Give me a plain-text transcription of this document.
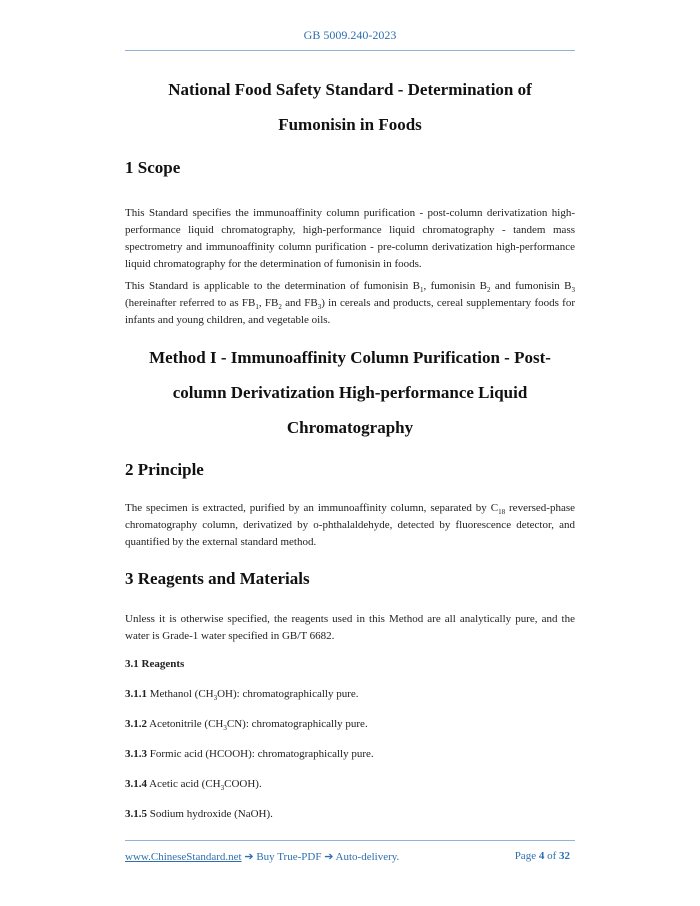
GB 5009.240-2023
National Food Safety Standard - Determination of
Fumonisin in Foods
1 Scope

This Standard specifies the immunoaffinity column purification - post-column derivatization high-performance liquid chromatography, high-performance liquid chromatography - tandem mass spectrometry and immunoaffinity column purification - pre-column derivatization high-performance liquid chromatography for the determination of fumonisin in foods.

This Standard is applicable to the determination of fumonisin $B_1$, fumonisin $B_2$ and fumonisin $B_3$ (hereinafter referred to as $FB_1$, $FB_2$ and $FB_3$) in cereals and products, cereal supplementary foods for infants and young children, and vegetable oils.

Method I - Immunoaffinity Column Purification - Post-
column Derivatization High-performance Liquid
Chromatography
2 Principle

The specimen is extracted, purified by an immunoaffinity column, separated by $C_{18}$ reversed-phase chromatography column, derivatized by o-phthalaldehyde, detected by fluorescence detector, and quantified by the external standard method.

3 Reagents and Materials

Unless it is otherwise specified, the reagents used in this Method are all analytically pure, and the water is Grade-1 water specified in GB/T 6682.

3.1 Reagents
3.1.1 Methanol $(CH_3OH)$: chromatographically pure.
3.1.2 Acetonitrile $(CH_3CN)$: chromatographically pure.
3.1.3 Formic acid (HCOOH): chromatographically pure.
3.1.4 Acetic acid $(CH_3COOH)$.
3.1.5 Sodium hydroxide (NaOH).
www.ChineseStandard.net ➔ Buy True-PDF ➔ Auto-delivery.	Page 4 of 32
